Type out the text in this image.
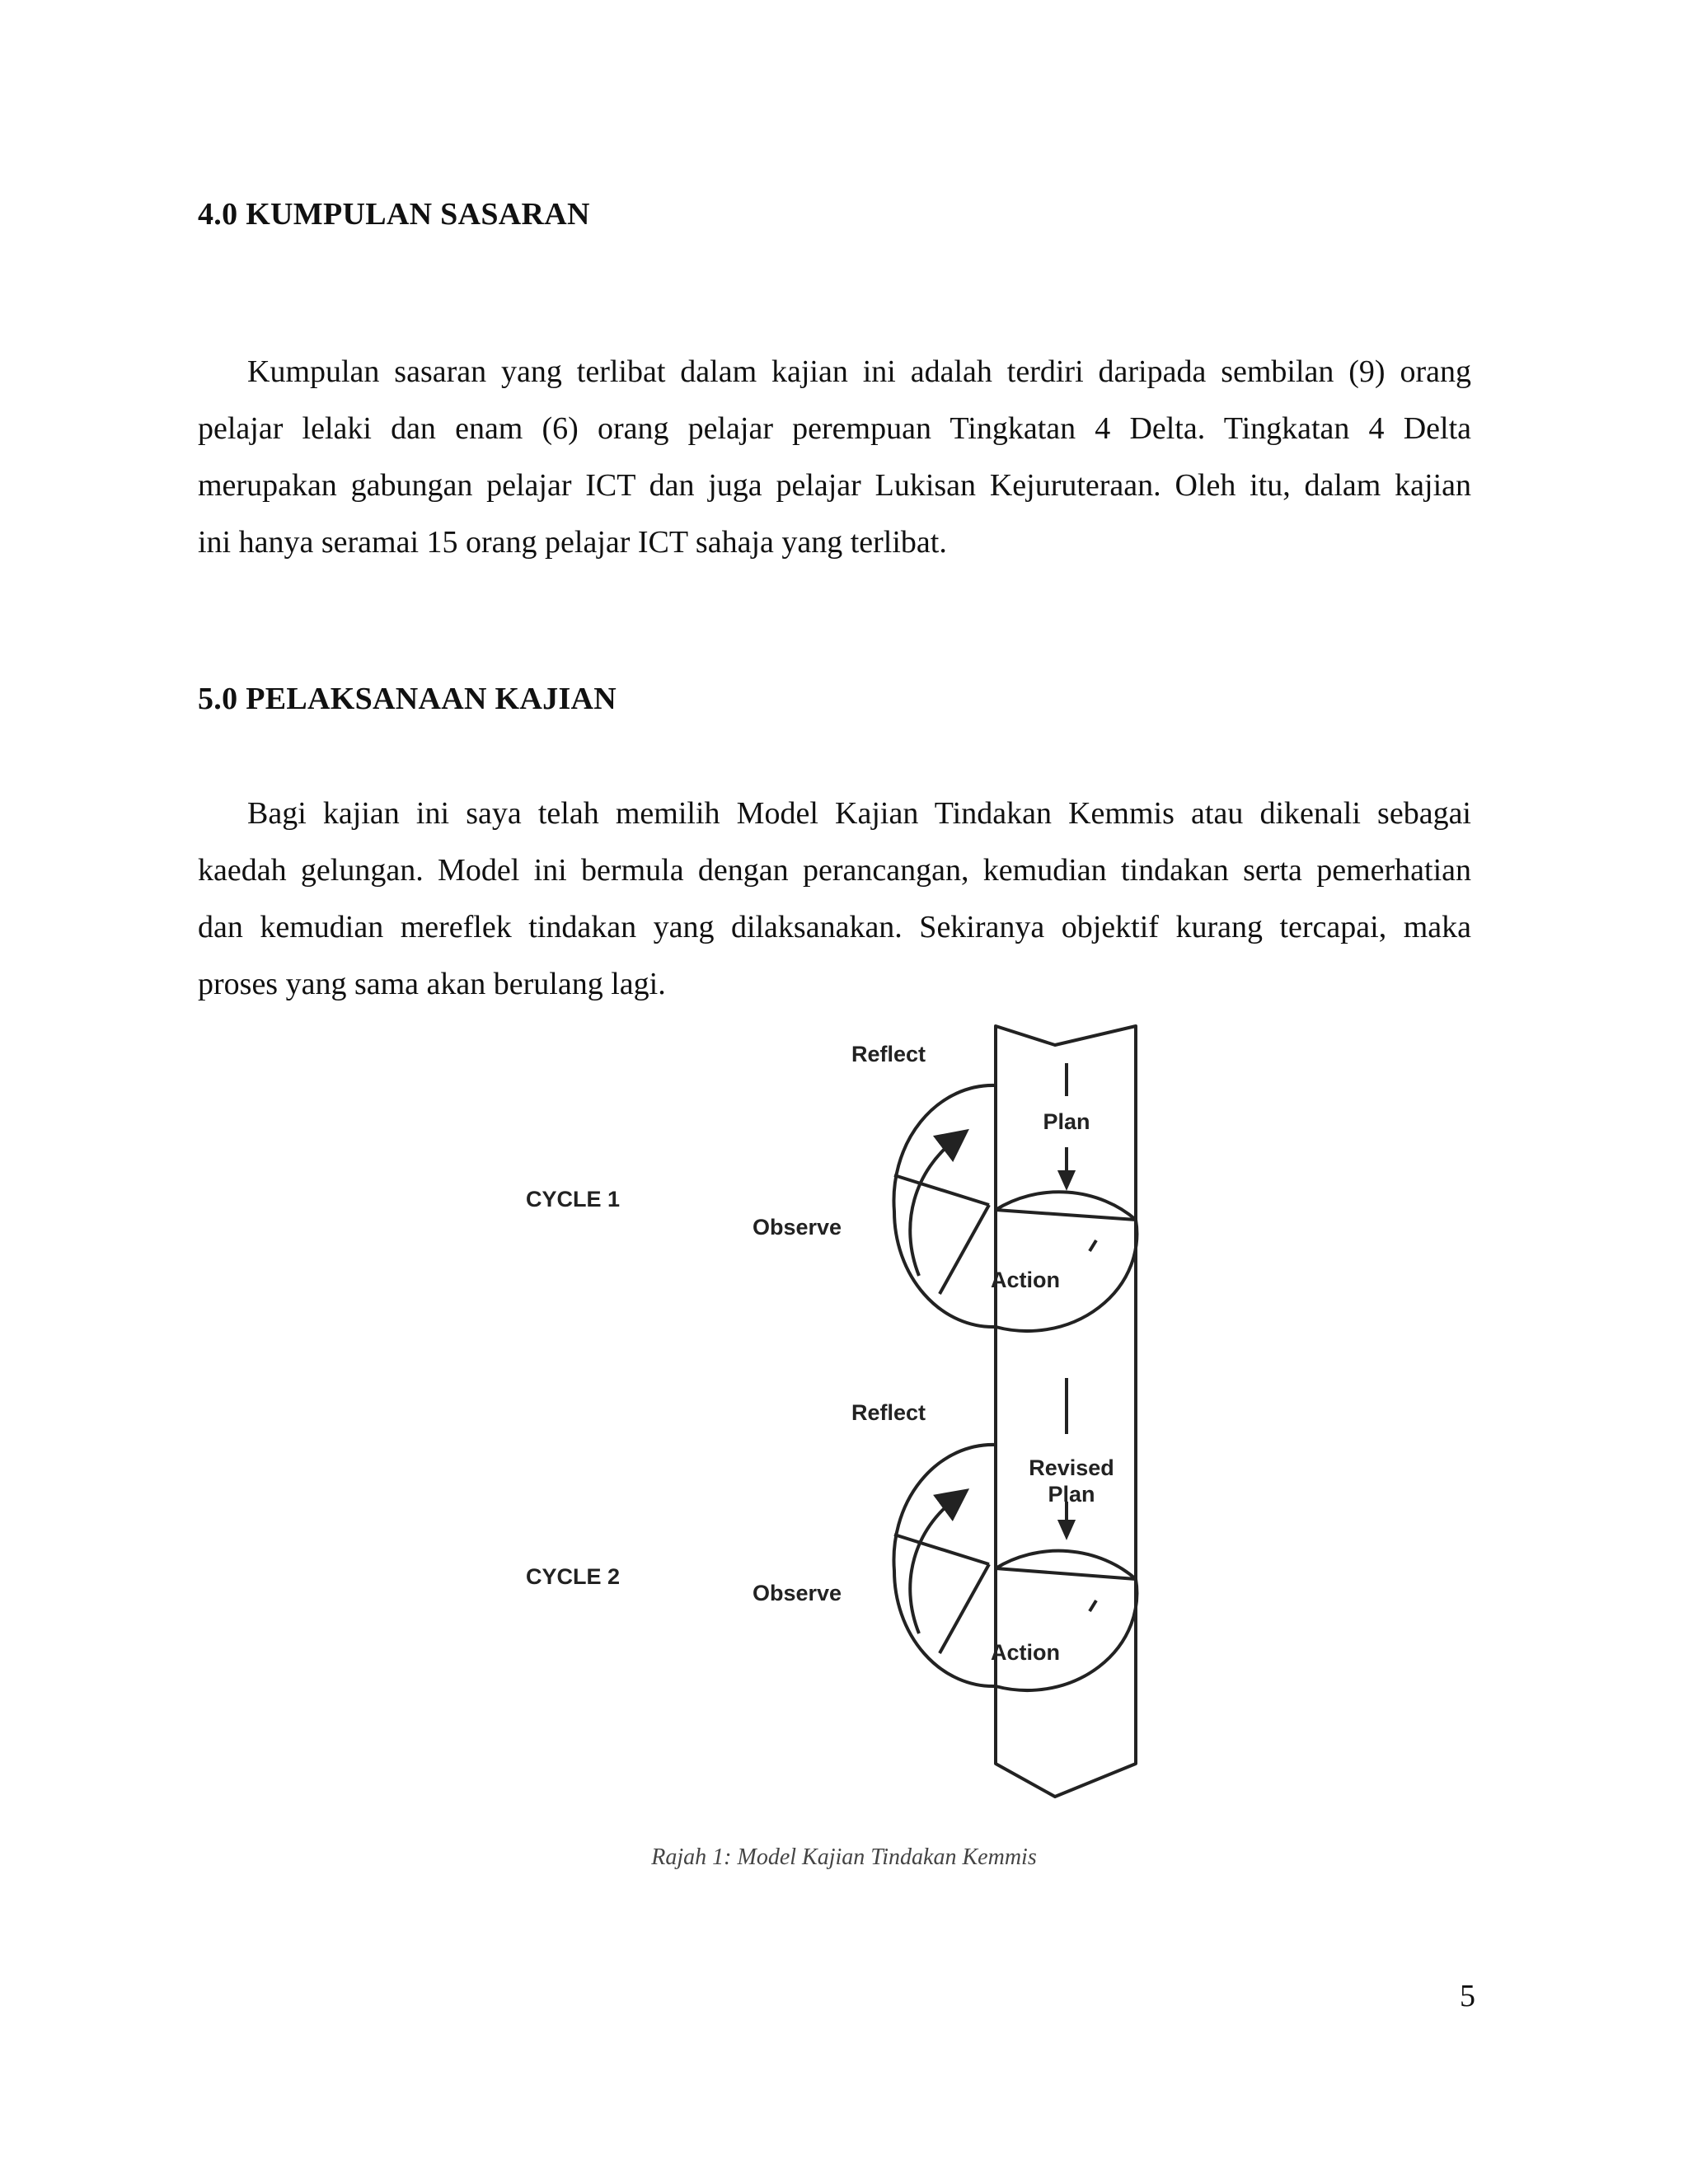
4.0 KUMPULAN SASARAN
Kumpulan sasaran yang terlibat dalam kajian ini adalah terdiri daripada sembilan (9) orang
pelajar lelaki dan enam (6) orang pelajar perempuan Tingkatan 4 Delta. Tingkatan 4 Delta
merupakan gabungan pelajar ICT dan juga pelajar Lukisan Kejuruteraan. Oleh itu, dalam kajian
ini hanya seramai 15 orang pelajar ICT sahaja yang terlibat.
5.0 PELAKSANAAN KAJIAN
Bagi kajian ini saya telah memilih Model Kajian Tindakan Kemmis atau dikenali sebagai
kaedah gelungan. Model ini bermula dengan perancangan, kemudian tindakan serta pemerhatian
dan kemudian mereflek tindakan yang dilaksanakan. Sekiranya objektif kurang tercapai, maka
proses yang sama akan berulang lagi.
CYCLE 1
Reflect
Plan
Observe
Action
CYCLE 2
Reflect
Revised
Plan
Observe
Action
Rajah 1: Model Kajian Tindakan Kemmis
5
